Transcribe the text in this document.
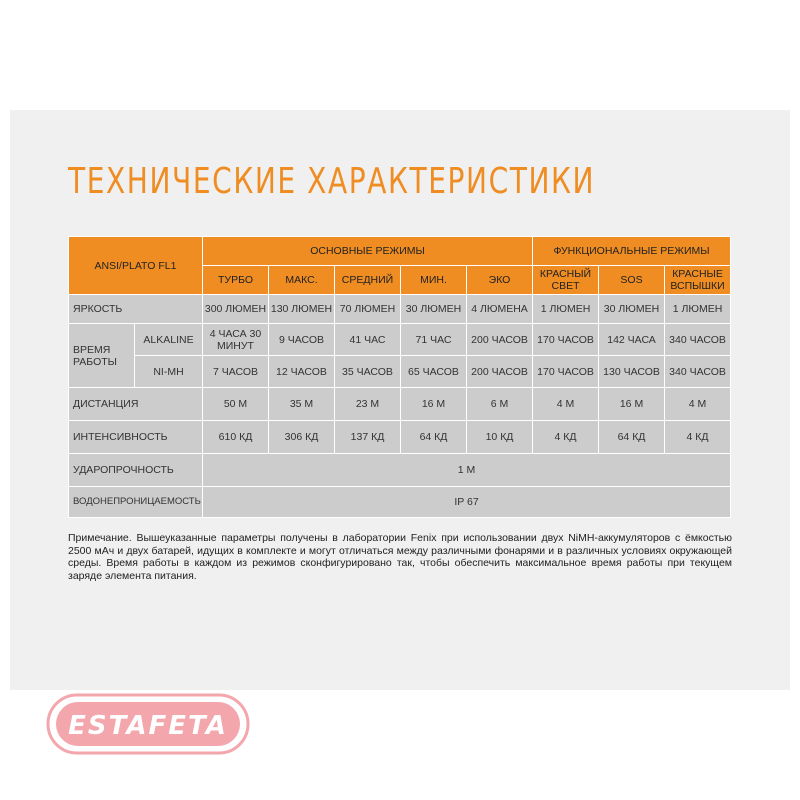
ТЕХНИЧЕСКИЕ ХАРАКТЕРИСТИКИ
ANSI/PLATO FL1		ОСНОВНЫЕ РЕЖИМЫ					ФУНКЦИОНАЛЬНЫЕ РЕЖИМЫ		
		ТУРБО	МАКС.	СРЕДНИЙ	МИН.	ЭКО	КРАСНЫЙ СВЕТ	SOS	КРАСНЫЕ ВСПЫШКИ
ЯРКОСТЬ		300 ЛЮМЕН	130 ЛЮМЕН	70 ЛЮМЕН	30 ЛЮМЕН	4 ЛЮМЕНА	1 ЛЮМЕН	30 ЛЮМЕН	1 ЛЮМЕН
ВРЕМЯ РАБОТЫ	ALKALINE	4 ЧАСА 30 МИНУТ	9 ЧАСОВ	41 ЧАС	71 ЧАС	200 ЧАСОВ	170 ЧАСОВ	142 ЧАСА	340 ЧАСОВ
	NI-MH	7 ЧАСОВ	12 ЧАСОВ	35 ЧАСОВ	65 ЧАСОВ	200 ЧАСОВ	170 ЧАСОВ	130 ЧАСОВ	340 ЧАСОВ
ДИСТАНЦИЯ		50 М	35 М	23 М	16 М	6 М	4 М	16 М	4 М
ИНТЕНСИВНОСТЬ		610 КД	306 КД	137 КД	64 КД	10 КД	4 КД	64 КД	4 КД
УДАРОПРОЧНОСТЬ		1 М							
ВОДОНЕПРОНИЦАЕМОСТЬ		IP 67							

Примечание. Вышеуказанные параметры получены в лаборатории Fenix при использовании двух NiMH-аккумуляторов с ёмкостью 2500 мАч и двух батарей, идущих в комплекте и могут отличаться между различными фонарями и в различных условиях окружающей среды. Время работы в каждом из режимов сконфигурировано так, чтобы обеспечить максимальное время работы при текущем заряде элемента питания.

ESTAFETA
